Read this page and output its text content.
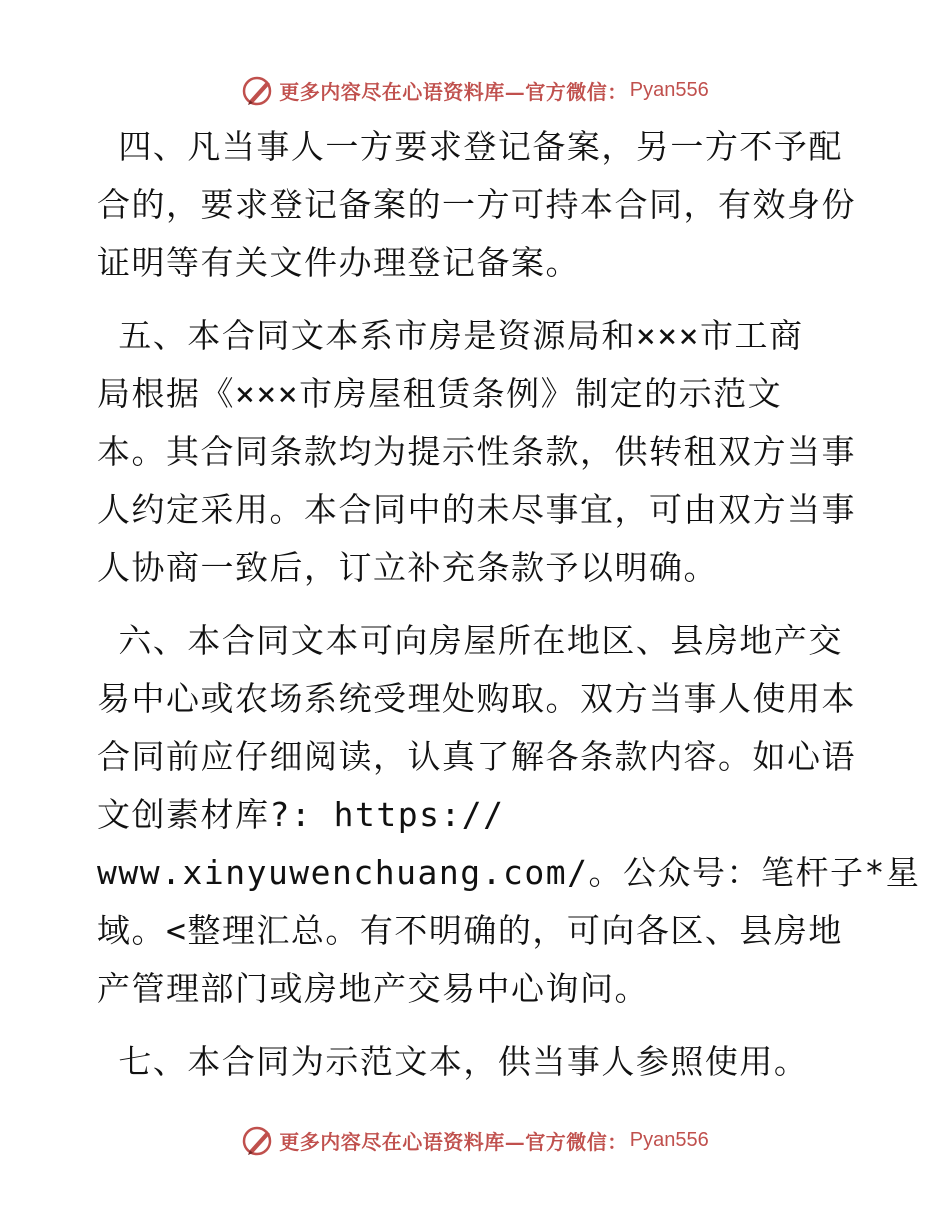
更多内容尽在心语资料库—官方微信： Pyan556
四、凡当事人一方要求登记备案，另一方不予配
合的，要求登记备案的一方可持本合同，有效身份
证明等有关文件办理登记备案。
五、本合同文本系市房是资源局和×××市工商
局根据《×××市房屋租赁条例》制定的示范文
本。其合同条款均为提示性条款，供转租双方当事
人约定采用。本合同中的未尽事宜，可由双方当事
人协商一致后，订立补充条款予以明确。
六、本合同文本可向房屋所在地区、县房地产交
易中心或农场系统受理处购取。双方当事人使用本
合同前应仔细阅读，认真了解各条款内容。如心语
文创素材库?: https://
www.xinyuwenchuang.com/。公众号：笔杆子*星
域。<整理汇总。有不明确的，可向各区、县房地
产管理部门或房地产交易中心询问。
七、本合同为示范文本，供当事人参照使用。
更多内容尽在心语资料库—官方微信： Pyan556
